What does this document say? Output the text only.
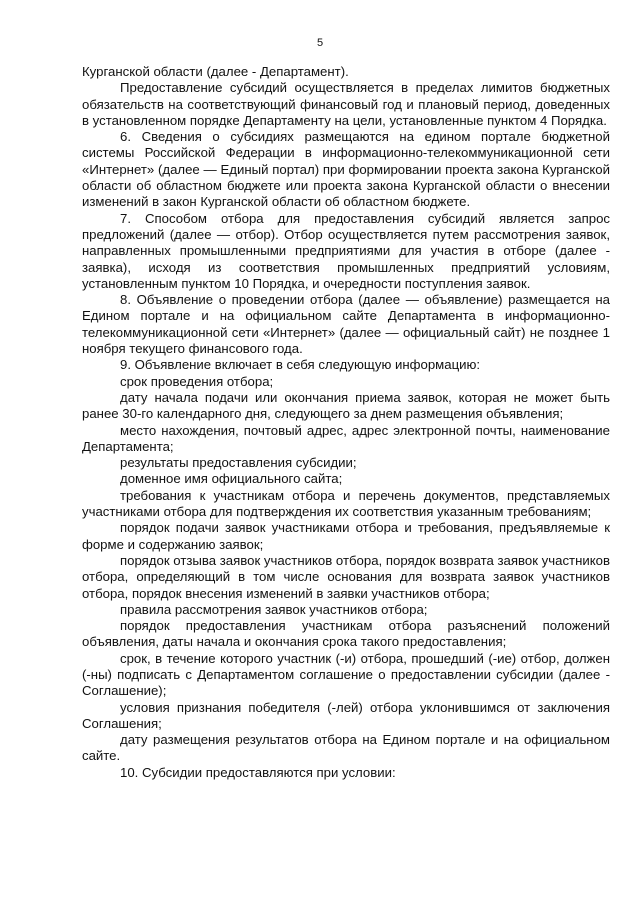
5

Курганской области (далее - Департамент).

Предоставление субсидий осуществляется в пределах лимитов бюджетных обязательств на соответствующий финансовый год и плановый период, доведенных в установленном порядке Департаменту на цели, установленные пунктом 4 Порядка.

6. Сведения о субсидиях размещаются на едином портале бюджетной системы Российской Федерации в информационно-телекоммуникационной сети «Интернет» (далее — Единый портал) при формировании проекта закона Курганской области об областном бюджете или проекта закона Курганской области о внесении изменений в закон Курганской области об областном бюджете.

7. Способом отбора для предоставления субсидий является запрос предложений (далее — отбор). Отбор осуществляется путем рассмотрения заявок, направленных промышленными предприятиями для участия в отборе (далее - заявка), исходя из соответствия промышленных предприятий условиям, установленным пунктом 10 Порядка, и очередности поступления заявок.

8. Объявление о проведении отбора (далее — объявление) размещается на Едином портале и на официальном сайте Департамента в информационно-телекоммуникационной сети «Интернет» (далее — официальный сайт) не позднее 1 ноября текущего финансового года.

9. Объявление включает в себя следующую информацию:

срок проведения отбора;

дату начала подачи или окончания приема заявок, которая не может быть ранее 30-го календарного дня, следующего за днем размещения объявления;

место нахождения, почтовый адрес, адрес электронной почты, наименование Департамента;

результаты предоставления субсидии;

доменное имя официального сайта;

требования к участникам отбора и перечень документов, представляемых участниками отбора для подтверждения их соответствия указанным требованиям;

порядок подачи заявок участниками отбора и требования, предъявляемые к форме и содержанию заявок;

порядок отзыва заявок участников отбора, порядок возврата заявок участников отбора, определяющий в том числе основания для возврата заявок участников отбора, порядок внесения изменений в заявки участников отбора;

правила рассмотрения заявок участников отбора;

порядок предоставления участникам отбора разъяснений положений объявления, даты начала и окончания срока такого предоставления;

срок, в течение которого участник (-и) отбора, прошедший (-ие) отбор, должен (-ны) подписать с Департаментом соглашение о предоставлении субсидии (далее - Соглашение);

условия признания победителя (-лей) отбора уклонившимся от заключения Соглашения;

дату размещения результатов отбора на Едином портале и на официальном сайте.

10. Субсидии предоставляются при условии:
